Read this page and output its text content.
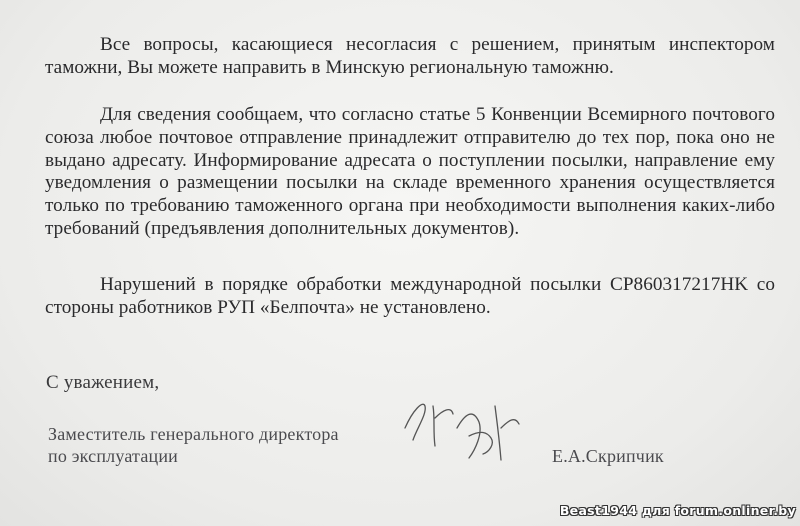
Все вопросы, касающиеся несогласия с решением, принятым инспектором таможни, Вы можете направить в Минскую региональную таможню.

Для сведения сообщаем, что согласно статье 5 Конвенции Всемирного почтового союза любое почтовое отправление принадлежит отправителю до тех пор, пока оно не выдано адресату. Информирование адресата о поступлении посылки, направление ему уведомления о размещении посылки на складе временного хранения осуществляется только по требованию таможенного органа при необходимости выполнения каких-либо требований (предъявления дополнительных документов).

Нарушений в порядке обработки международной посылки CP860317217HK со стороны работников РУП «Белпочта» не установлено.

С уважением,
Заместитель генерального директора
по эксплуатации	Е.А.Скрипчик
Beast1944 для forum.onliner.by
